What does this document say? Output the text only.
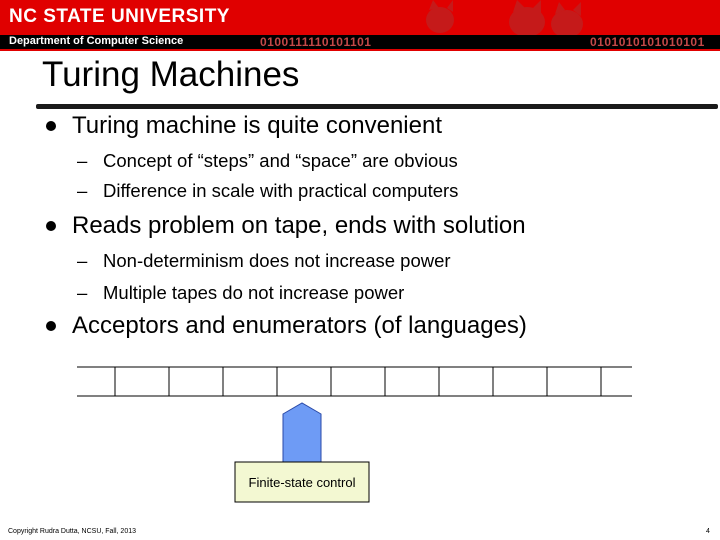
NC STATE UNIVERSITY
Department of Computer Science	0100111110101101	0101010101010101
Turing Machines
Turing machine is quite convenient
– Concept of “steps” and “space” are obvious
– Difference in scale with practical computers
Reads problem on tape, ends with solution
– Non-determinism does not increase power
– Multiple tapes do not increase power
Acceptors and enumerators (of languages)
Finite-state control
Copyright Rudra Dutta, NCSU, Fall, 2013	4
